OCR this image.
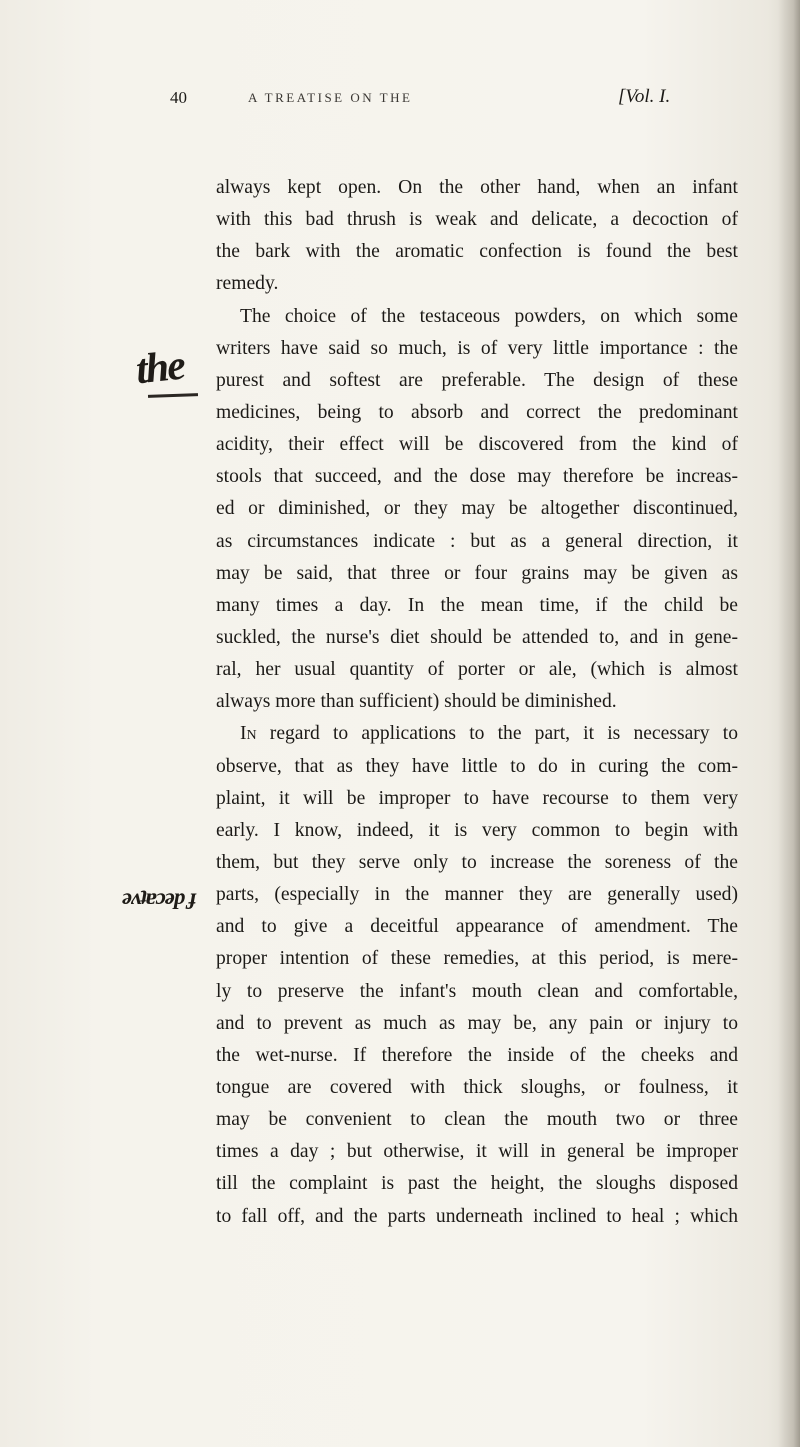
40	A TREATISE ON THE	[Vol. I.
the
ǝʌʇɐɔǝp ɟ
always kept open. On the other hand, when an infant
with this bad thrush is weak and delicate, a decoction of
the bark with the aromatic confection is found the best
remedy.
The choice of the testaceous powders, on which some
writers have said so much, is of very little importance : the
purest and softest are preferable. The design of these
medicines, being to absorb and correct the predominant
acidity, their effect will be discovered from the kind of
stools that succeed, and the dose may therefore be increas-
ed or diminished, or they may be altogether discontinued,
as circumstances indicate : but as a general direction, it
may be said, that three or four grains may be given as
many times a day. In the mean time, if the child be
suckled, the nurse's diet should be attended to, and in gene-
ral, her usual quantity of porter or ale, (which is almost
always more than sufficient) should be diminished.
In regard to applications to the part, it is necessary to
observe, that as they have little to do in curing the com-
plaint, it will be improper to have recourse to them very
early. I know, indeed, it is very common to begin with
them, but they serve only to increase the soreness of the
parts, (especially in the manner they are generally used)
and to give a deceitful appearance of amendment. The
proper intention of these remedies, at this period, is mere-
ly to preserve the infant's mouth clean and comfortable,
and to prevent as much as may be, any pain or injury to
the wet-nurse. If therefore the inside of the cheeks and
tongue are covered with thick sloughs, or foulness, it
may be convenient to clean the mouth two or three
times a day ; but otherwise, it will in general be improper
till the complaint is past the height, the sloughs disposed
to fall off, and the parts underneath inclined to heal ; which
